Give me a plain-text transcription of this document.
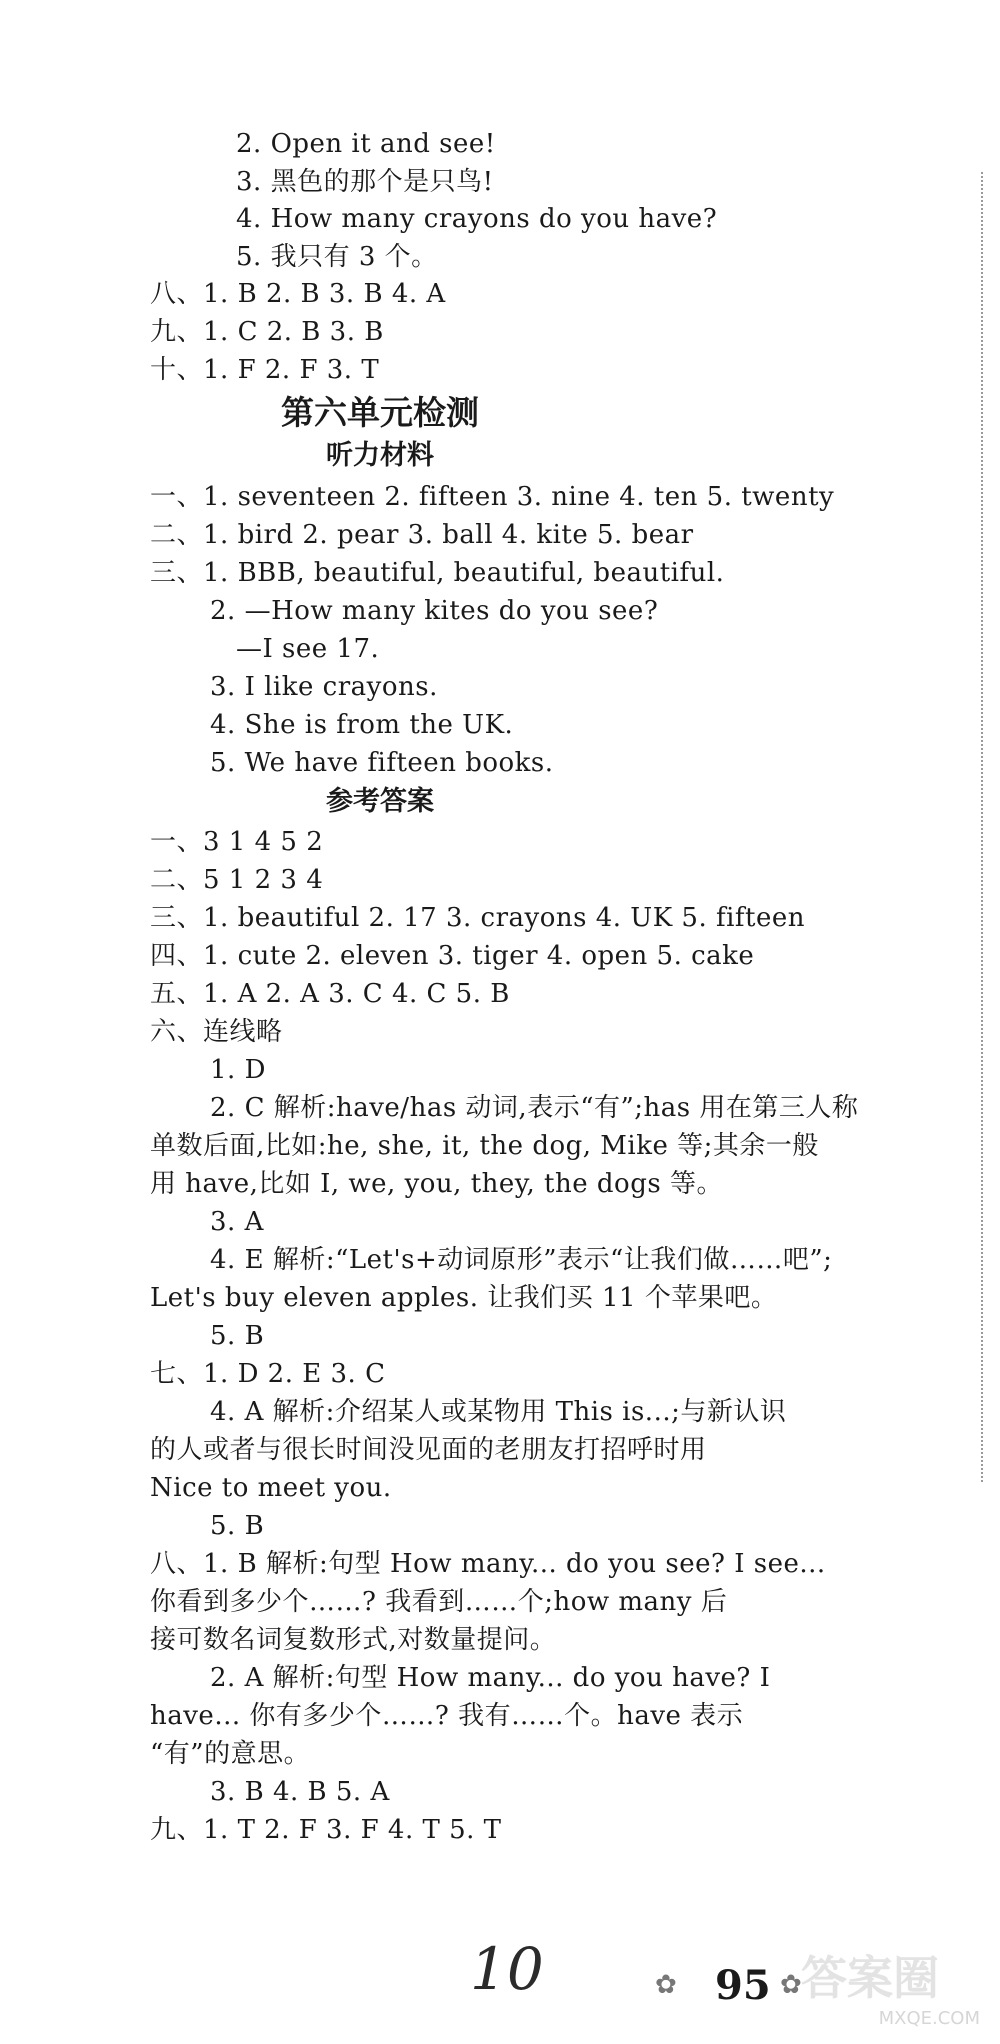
2. Open it and see!
3. 黑色的那个是只鸟!
4. How many crayons do you have?
5. 我只有 3 个。
八、1. B 2. B 3. B 4. A
九、1. C 2. B 3. B
十、1. F 2. F 3. T
第六单元检测
听力材料
一、1. seventeen 2. fifteen 3. nine 4. ten 5. twenty
二、1. bird 2. pear 3. ball 4. kite 5. bear
三、1. BBB, beautiful, beautiful, beautiful.
2. —How many kites do you see?
—I see 17.
3. I like crayons.
4. She is from the UK.
5. We have fifteen books.
参考答案
一、3 1 4 5 2
二、5 1 2 3 4
三、1. beautiful 2. 17 3. crayons 4. UK 5. fifteen
四、1. cute 2. eleven 3. tiger 4. open 5. cake
五、1. A 2. A 3. C 4. C 5. B
六、连线略
1. D
2. C 解析:have/has 动词,表示“有”;has 用在第三人称
单数后面,比如:he, she, it, the dog, Mike 等;其余一般
用 have,比如 I, we, you, they, the dogs 等。
3. A
4. E 解析:“Let's+动词原形”表示“让我们做……吧”;
Let's buy eleven apples. 让我们买 11 个苹果吧。
5. B
七、1. D 2. E 3. C
4. A 解析:介绍某人或某物用 This is...;与新认识
的人或者与很长时间没见面的老朋友打招呼时用
Nice to meet you.
5. B
八、1. B 解析:句型 How many... do you see? I see...
你看到多少个……? 我看到……个;how many 后
接可数名词复数形式,对数量提问。
2. A 解析:句型 How many... do you have? I
have... 你有多少个……? 我有……个。have 表示
“有”的意思。
3. B 4. B 5. A
九、1. T 2. F 3. F 4. T 5. T
10	✿ 95 ✿ 答案圈
MXQE.COM
